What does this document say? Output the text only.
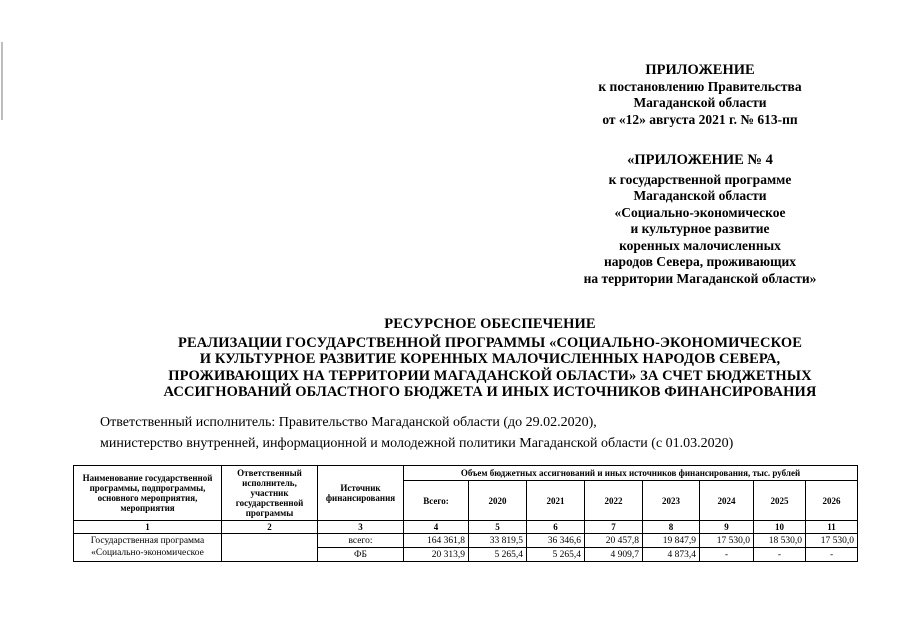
ПРИЛОЖЕНИЕ
к постановлению Правительства
Магаданской области
от «12» августа 2021 г. № 613-пп
«ПРИЛОЖЕНИЕ № 4
к государственной программе
Магаданской области
«Социально-экономическое
и культурное развитие
коренных малочисленных
народов Севера, проживающих
на территории Магаданской области»
РЕСУРСНОЕ ОБЕСПЕЧЕНИЕ
РЕАЛИЗАЦИИ ГОСУДАРСТВЕННОЙ ПРОГРАММЫ «СОЦИАЛЬНО-ЭКОНОМИЧЕСКОЕ
И КУЛЬТУРНОЕ РАЗВИТИЕ КОРЕННЫХ МАЛОЧИСЛЕННЫХ НАРОДОВ СЕВЕРА,
ПРОЖИВАЮЩИХ НА ТЕРРИТОРИИ МАГАДАНСКОЙ ОБЛАСТИ» ЗА СЧЕТ БЮДЖЕТНЫХ
АССИГНОВАНИЙ ОБЛАСТНОГО БЮДЖЕТА И ИНЫХ ИСТОЧНИКОВ ФИНАНСИРОВАНИЯ
Ответственный исполнитель: Правительство Магаданской области (до 29.02.2020),
министерство внутренней, информационной и молодежной политики Магаданской области (с 01.03.2020)
Наименование государственной программы, подпрограммы, основного мероприятия, мероприятия	Ответственный исполнитель, участник государственной программы	Источник финансирования	Объем бюджетных ассигнований и иных источников финансирования, тыс. рублей							
			Всего:	2020	2021	2022	2023	2024	2025	2026
1	2	3	4	5	6	7	8	9	10	11
Государственная программа «Социально-экономическое		всего:	164 361,8	33 819,5	36 346,6	20 457,8	19 847,9	17 530,0	18 530,0	17 530,0
		ФБ	20 313,9	5 265,4	5 265,4	4 909,7	4 873,4	-	-	-
